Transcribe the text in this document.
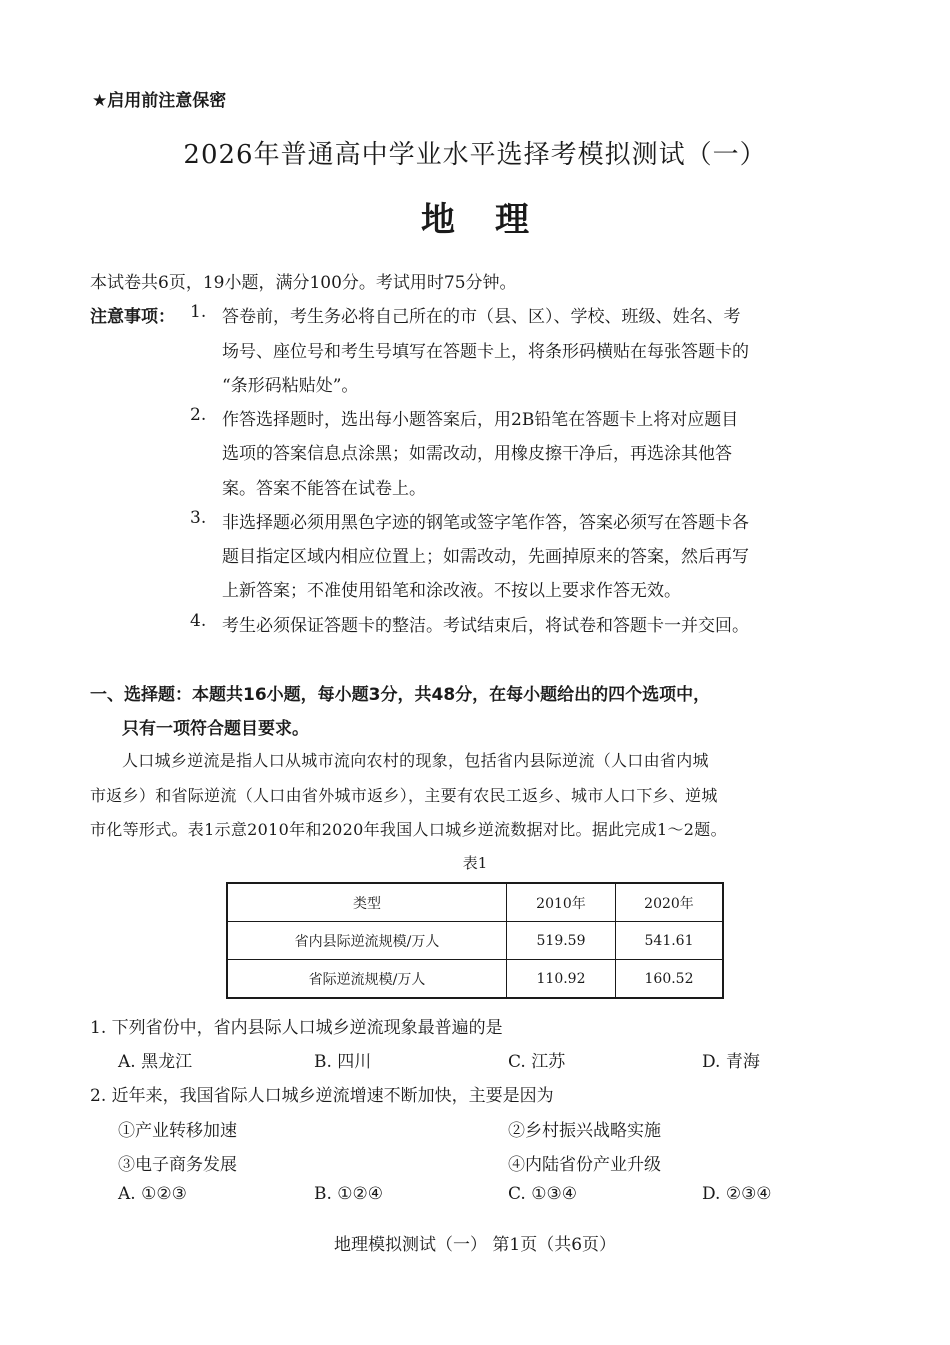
★启用前注意保密
2026年普通高中学业水平选择考模拟测试（一）
地理
本试卷共6页，19小题，满分100分。考试用时75分钟。
注意事项： 1. 答卷前，考生务必将自己所在的市（县、区）、学校、班级、姓名、考
场号、座位号和考生号填写在答题卡上，将条形码横贴在每张答题卡的
“条形码粘贴处”。
2. 作答选择题时，选出每小题答案后，用2B铅笔在答题卡上将对应题目
选项的答案信息点涂黑；如需改动，用橡皮擦干净后，再选涂其他答
案。答案不能答在试卷上。
3. 非选择题必须用黑色字迹的钢笔或签字笔作答，答案必须写在答题卡各
题目指定区域内相应位置上；如需改动，先画掉原来的答案，然后再写
上新答案；不准使用铅笔和涂改液。不按以上要求作答无效。
4. 考生必须保证答题卡的整洁。考试结束后，将试卷和答题卡一并交回。
一、选择题：本题共16小题，每小题3分，共48分，在每小题给出的四个选项中，
只有一项符合题目要求。
人口城乡逆流是指人口从城市流向农村的现象，包括省内县际逆流（人口由省内城
市返乡）和省际逆流（人口由省外城市返乡），主要有农民工返乡、城市人口下乡、逆城
市化等形式。表1示意2010年和2020年我国人口城乡逆流数据对比。据此完成1～2题。
表1
类型	2010年	2020年
省内县际逆流规模/万人	519.59	541.61
省际逆流规模/万人	110.92	160.52
1. 下列省份中，省内县际人口城乡逆流现象最普遍的是
A. 黑龙江	B. 四川	C. 江苏	D. 青海
2. 近年来，我国省际人口城乡逆流增速不断加快，主要是因为
①产业转移加速	②乡村振兴战略实施
③电子商务发展	④内陆省份产业升级
A. ①②③	B. ①②④	C. ①③④	D. ②③④
地理模拟测试（一） 第1页（共6页）
